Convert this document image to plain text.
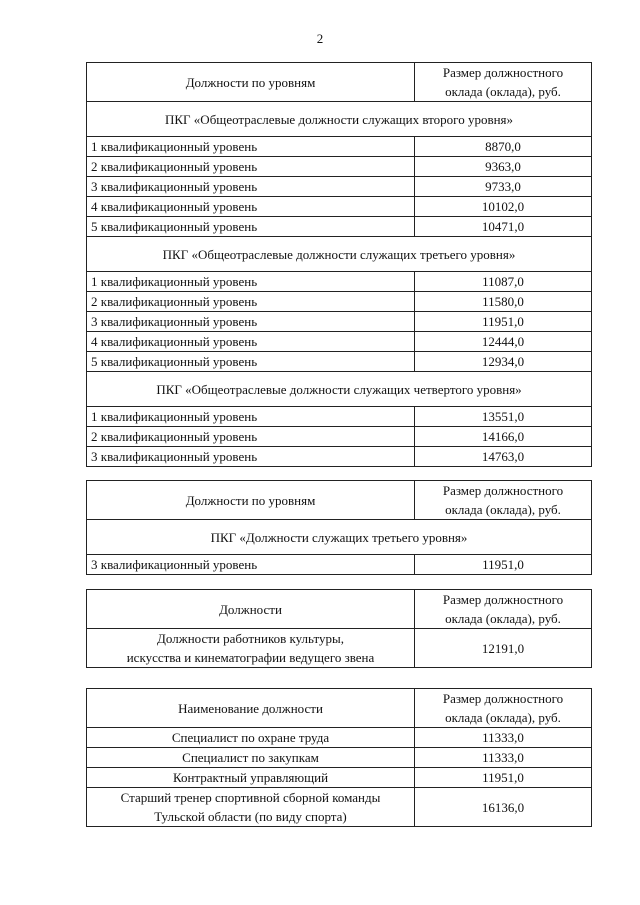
2
Должности по уровням	Размер должностного
оклада (оклада), руб.

ПКГ «Общеотраслевые должности служащих второго уровня»	
1 квалификационный уровень	8870,0
2 квалификационный уровень	9363,0
3 квалификационный уровень	9733,0
4 квалификационный уровень	10102,0
5 квалификационный уровень	10471,0
ПКГ «Общеотраслевые должности служащих третьего уровня»	
1 квалификационный уровень	11087,0
2 квалификационный уровень	11580,0
3 квалификационный уровень	11951,0
4 квалификационный уровень	12444,0
5 квалификационный уровень	12934,0
ПКГ «Общеотраслевые должности служащих четвертого уровня»	
1 квалификационный уровень	13551,0
2 квалификационный уровень	14166,0
3 квалификационный уровень	14763,0
Должности по уровням	Размер должностного
оклада (оклада), руб.

ПКГ «Должности служащих третьего уровня»	
3 квалификационный уровень	11951,0
Должности	Размер должностного
оклада (оклада), руб.

Должности работников культуры,
искусства и кинематографии ведущего звена	12191,0
Наименование должности	Размер должностного
оклада (оклада), руб.

Специалист по охране труда	11333,0
Специалист по закупкам	11333,0
Контрактный управляющий	11951,0

Старший тренер спортивной сборной команды
Тульской области (по виду спорта)	16136,0
